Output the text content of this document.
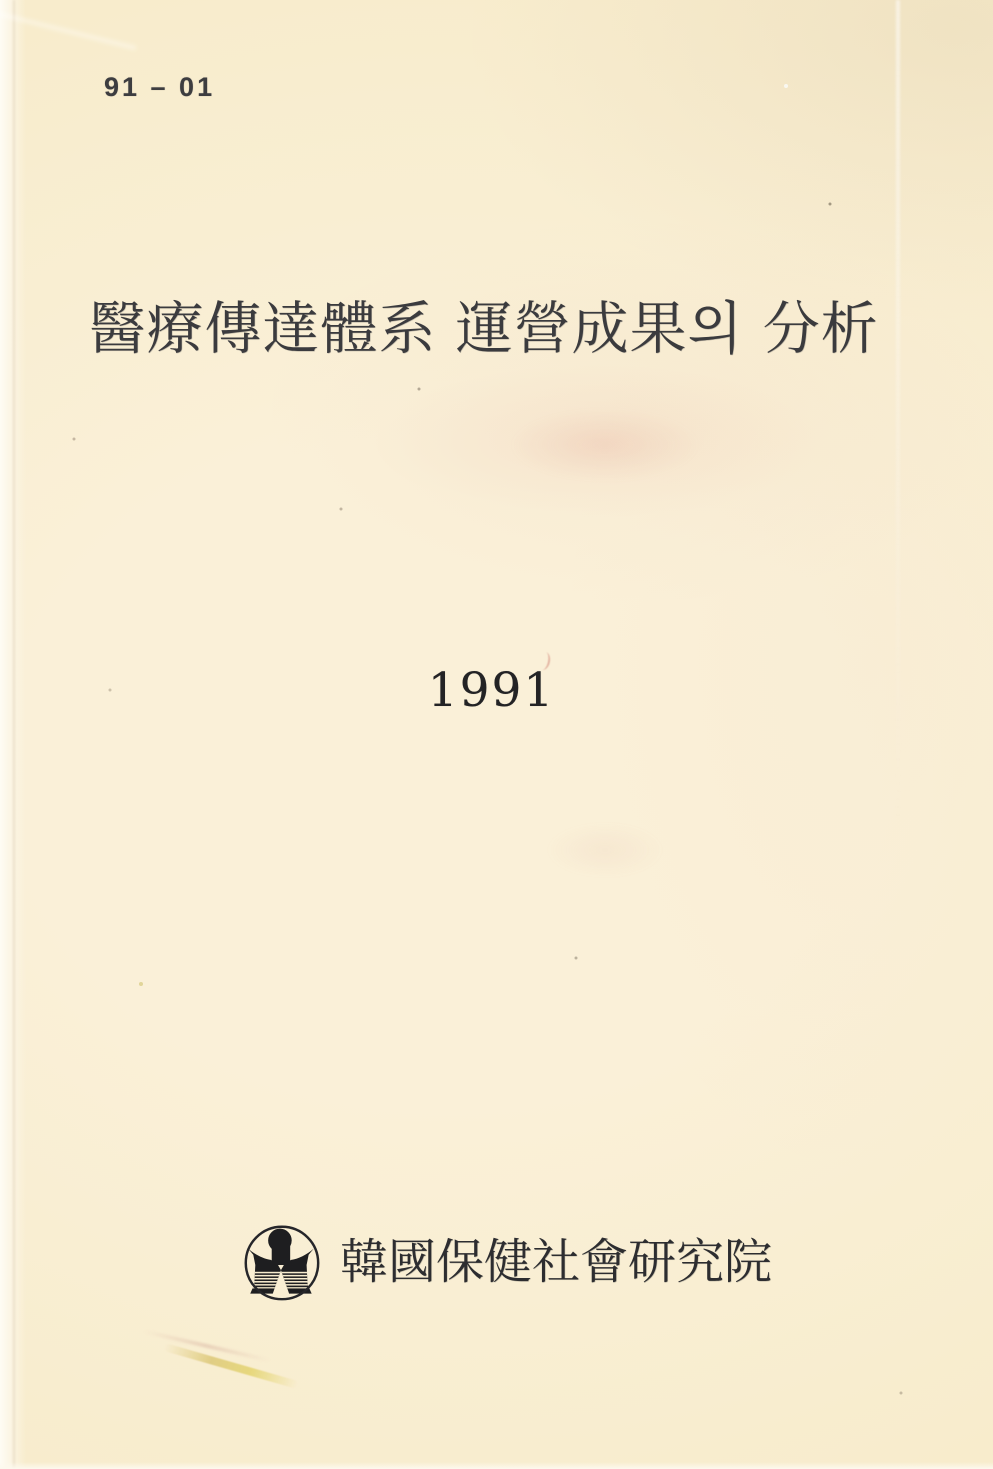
91 – 01
醫療傳達體系 運營成果의 分析
1991
韓國保健社會研究院
